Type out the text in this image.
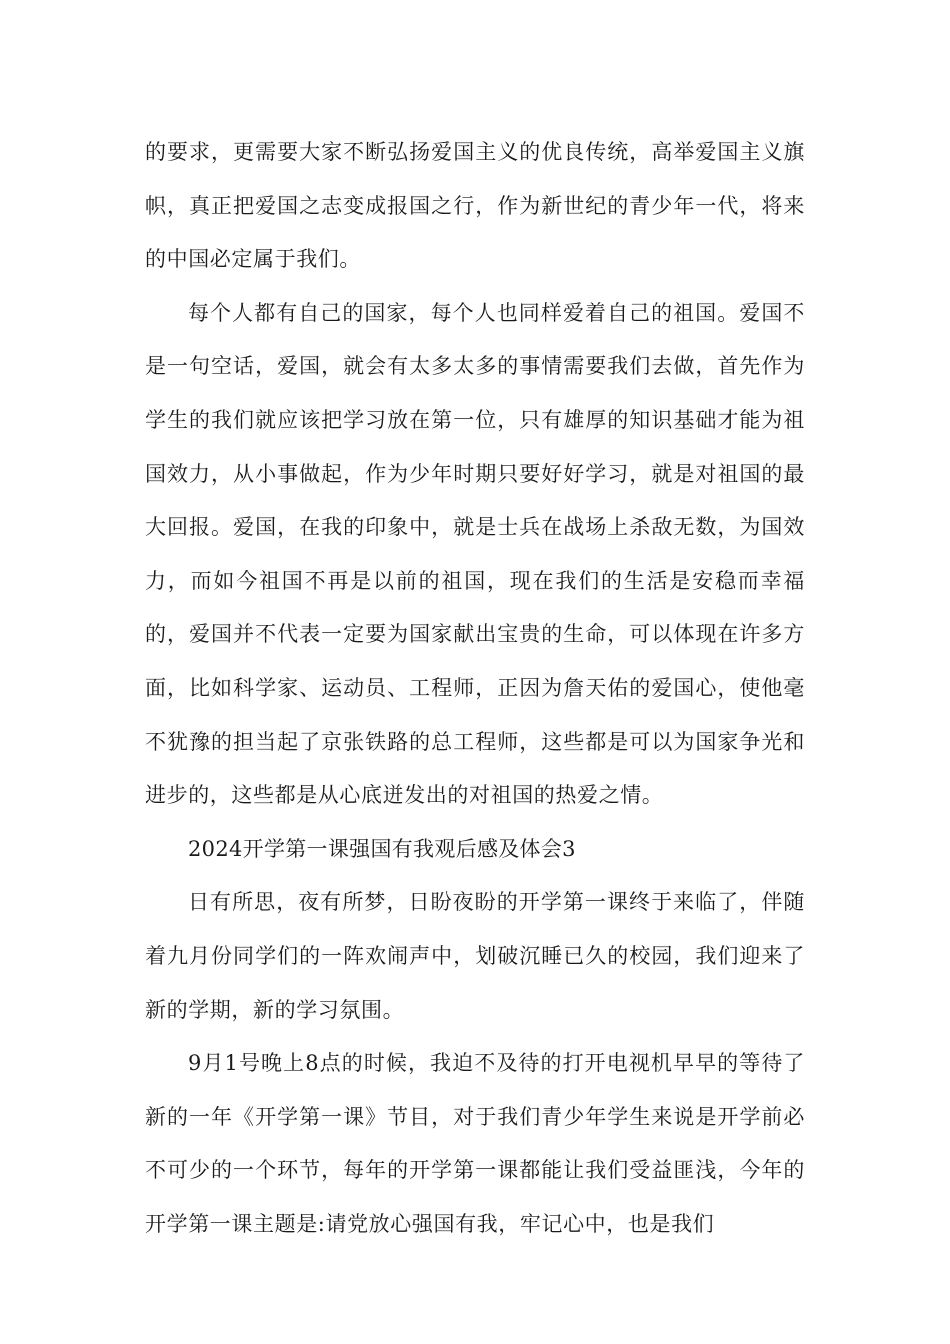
的要求，更需要大家不断弘扬爱国主义的优良传统，高举爱国主义旗帜，真正把爱国之志变成报国之行，作为新世纪的青少年一代，将来的中国必定属于我们。

每个人都有自己的国家，每个人也同样爱着自己的祖国。爱国不是一句空话，爱国，就会有太多太多的事情需要我们去做，首先作为学生的我们就应该把学习放在第一位，只有雄厚的知识基础才能为祖国效力，从小事做起，作为少年时期只要好好学习，就是对祖国的最大回报。爱国，在我的印象中，就是士兵在战场上杀敌无数，为国效力，而如今祖国不再是以前的祖国，现在我们的生活是安稳而幸福的，爱国并不代表一定要为国家献出宝贵的生命，可以体现在许多方面，比如科学家、运动员、工程师，正因为詹天佑的爱国心，使他毫不犹豫的担当起了京张铁路的总工程师，这些都是可以为国家争光和进步的，这些都是从心底迸发出的对祖国的热爱之情。

2024开学第一课强国有我观后感及体会3

日有所思，夜有所梦，日盼夜盼的开学第一课终于来临了，伴随着九月份同学们的一阵欢闹声中，划破沉睡已久的校园，我们迎来了新的学期，新的学习氛围。

9月1号晚上8点的时候，我迫不及待的打开电视机早早的等待了新的一年《开学第一课》节目，对于我们青少年学生来说是开学前必不可少的一个环节，每年的开学第一课都能让我们受益匪浅，今年的开学第一课主题是:请党放心强国有我，牢记心中，也是我们
